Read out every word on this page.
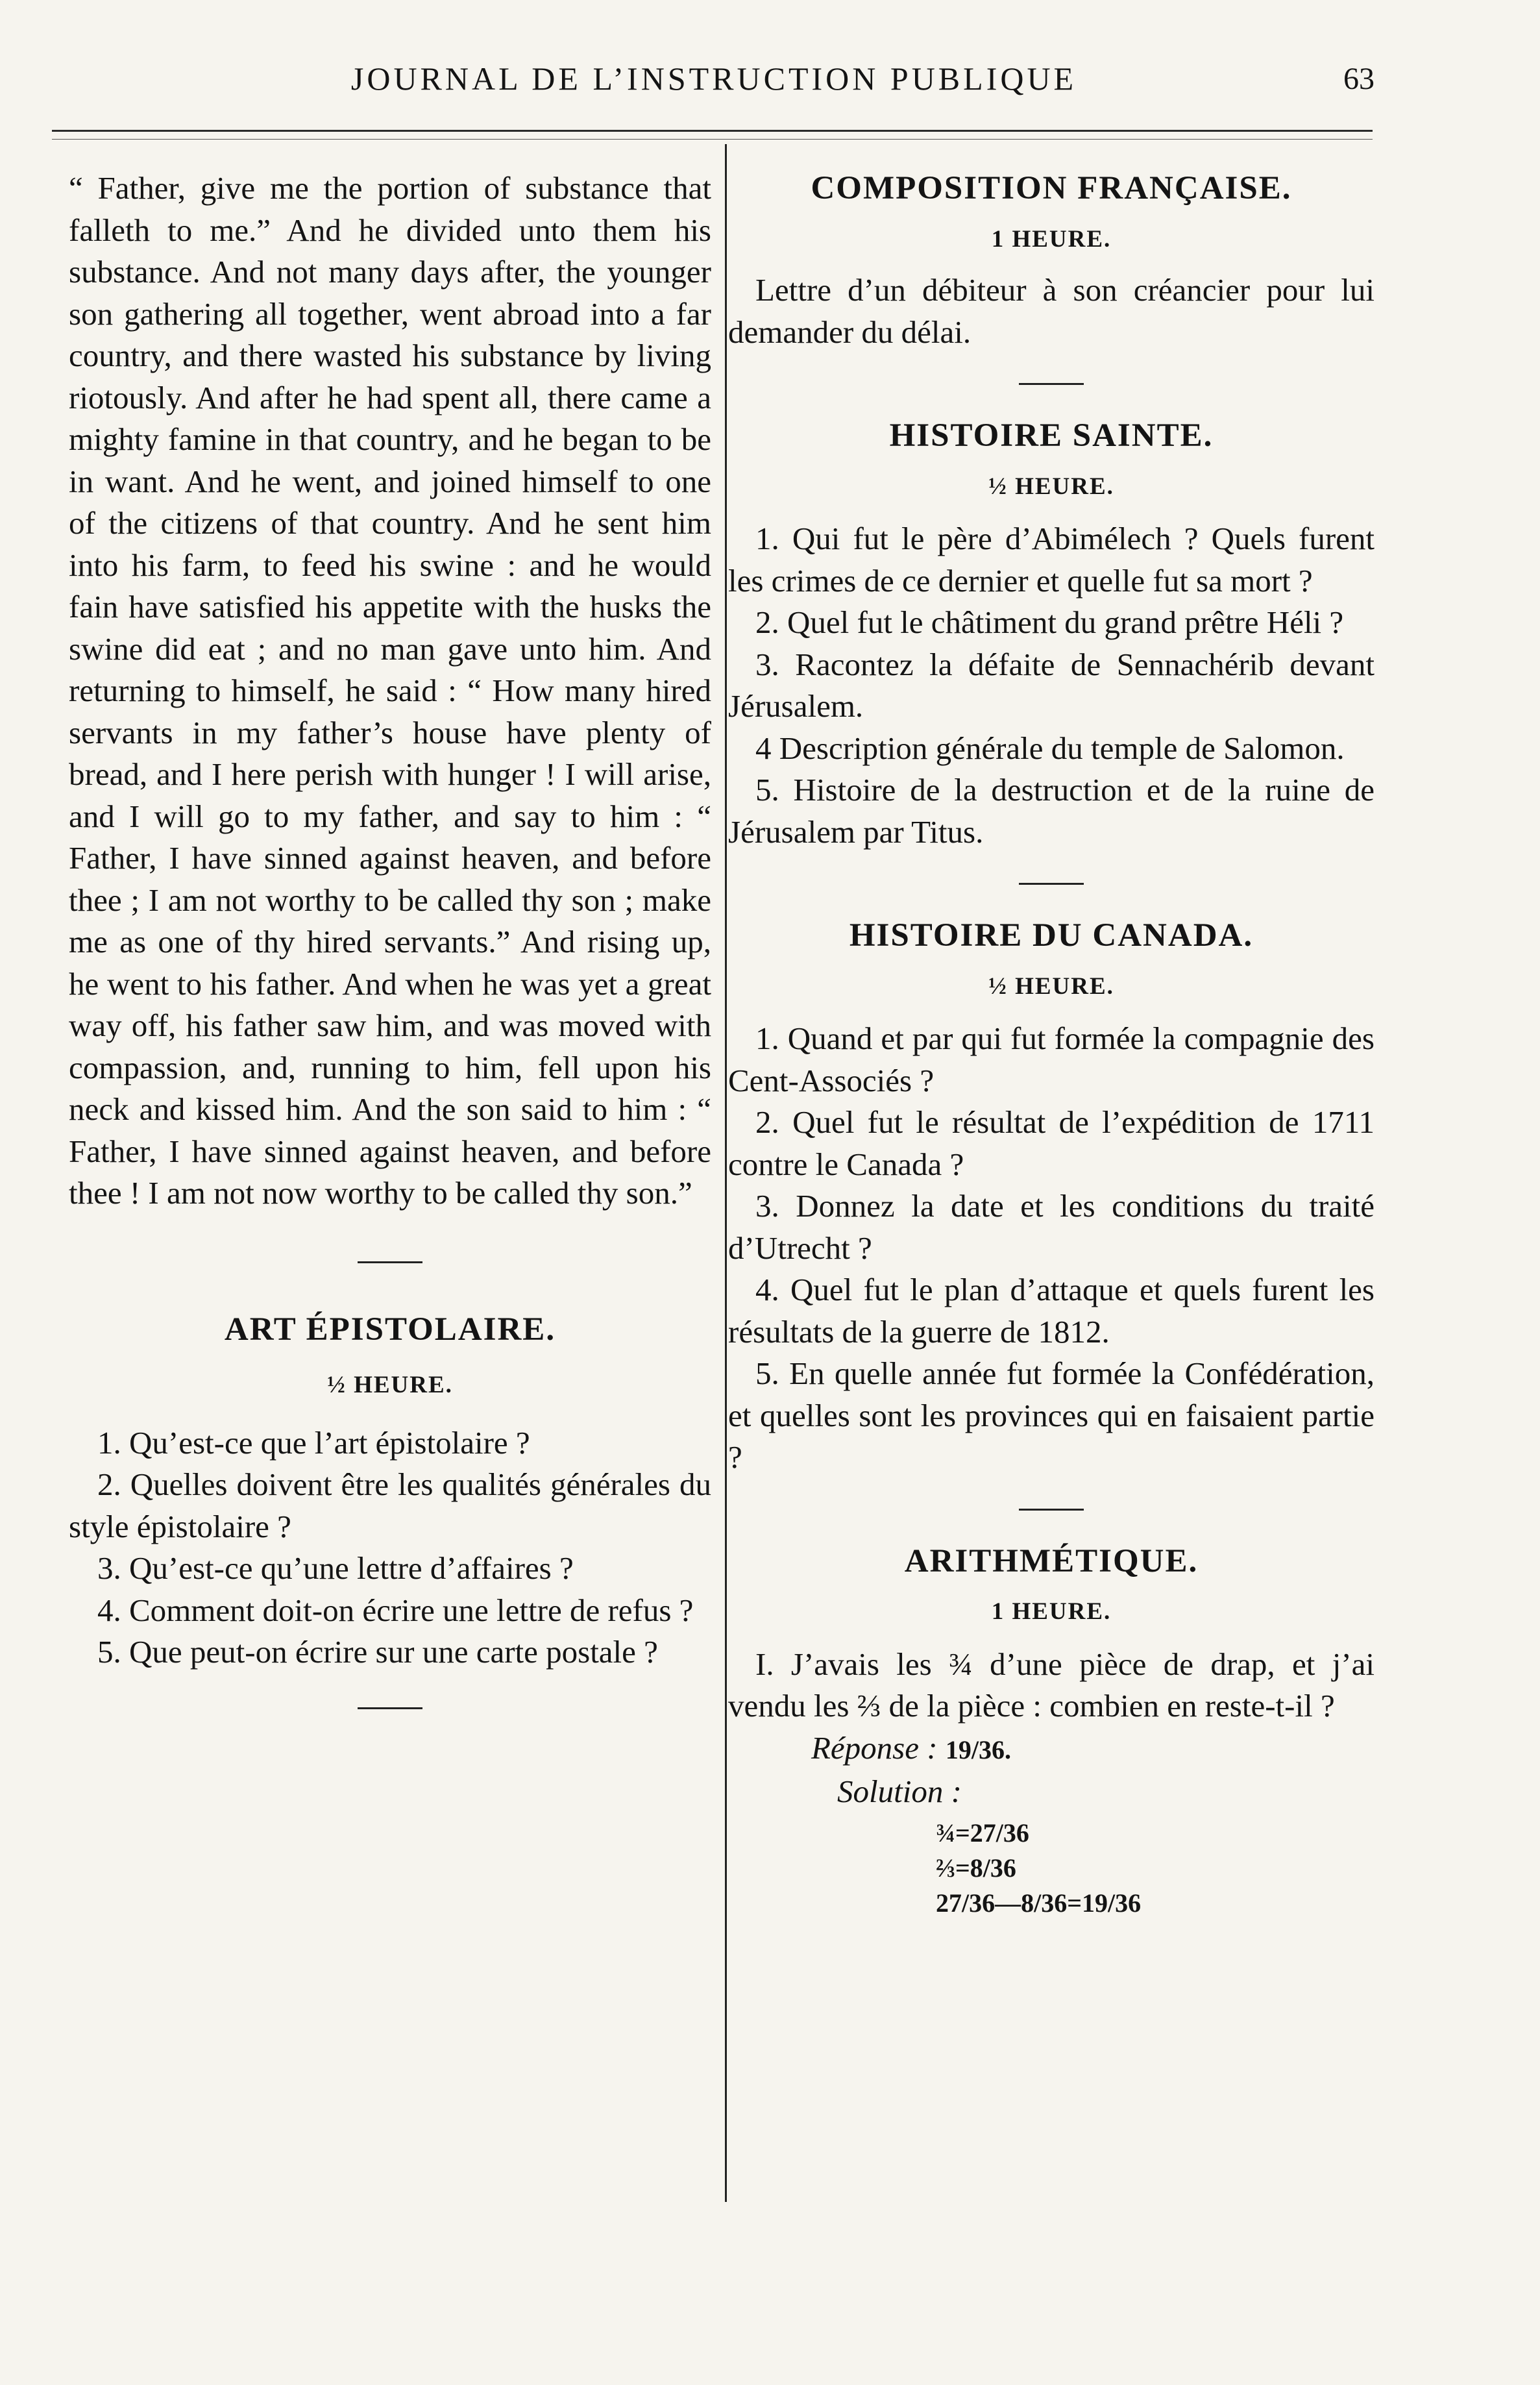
JOURNAL DE L’INSTRUCTION PUBLIQUE	63

“ Father, give me the portion of substance that falleth to me.” And he divided unto them his substance. And not many days after, the younger son gathering all together, went abroad into a far country, and there wasted his substance by living riotously. And after he had spent all, there came a mighty famine in that country, and he began to be in want. And he went, and joined himself to one of the citizens of that country. And he sent him into his farm, to feed his swine : and he would fain have satisfied his appetite with the husks the swine did eat ; and no man gave unto him. And returning to himself, he said : “ How many hired servants in my father’s house have plenty of bread, and I here perish with hunger ! I will arise, and I will go to my father, and say to him : “ Father, I have sinned against heaven, and before thee ; I am not worthy to be called thy son ; make me as one of thy hired servants.” And rising up, he went to his father. And when he was yet a great way off, his father saw him, and was moved with compassion, and, running to him, fell upon his neck and kissed him. And the son said to him : “ Father, I have sinned against heaven, and before thee ! I am not now worthy to be called thy son.”

ART ÉPISTOLAIRE.

½ HEURE.

1. Qu’est-ce que l’art épistolaire ?

2. Quelles doivent être les qualités générales du style épistolaire ?

3. Qu’est-ce qu’une lettre d’affaires ?

4. Comment doit-on écrire une lettre de refus ?

5. Que peut-on écrire sur une carte postale ?

COMPOSITION FRANÇAISE.

1 HEURE.

Lettre d’un débiteur à son créancier pour lui demander du délai.

HISTOIRE SAINTE.

½ HEURE.

1. Qui fut le père d’Abimélech ? Quels furent les crimes de ce dernier et quelle fut sa mort ?

2. Quel fut le châtiment du grand prêtre Héli ?

3. Racontez la défaite de Sennachérib devant Jérusalem.

4 Description générale du temple de Salomon.

5. Histoire de la destruction et de la ruine de Jérusalem par Titus.

HISTOIRE DU CANADA.

½ HEURE.

1. Quand et par qui fut formée la compagnie des Cent-Associés ?

2. Quel fut le résultat de l’expédition de 1711 contre le Canada ?

3. Donnez la date et les conditions du traité d’Utrecht ?

4. Quel fut le plan d’attaque et quels furent les résultats de la guerre de 1812.

5. En quelle année fut formée la Confédération, et quelles sont les provinces qui en faisaient partie ?

ARITHMÉTIQUE.

1 HEURE.

I. J’avais les ¾ d’une pièce de drap, et j’ai vendu les ⅔ de la pièce : combien en reste-t-il ?

Réponse : 19/36.

Solution :

¾=27/36

⅔=8/36

27/36—8/36=19/36
